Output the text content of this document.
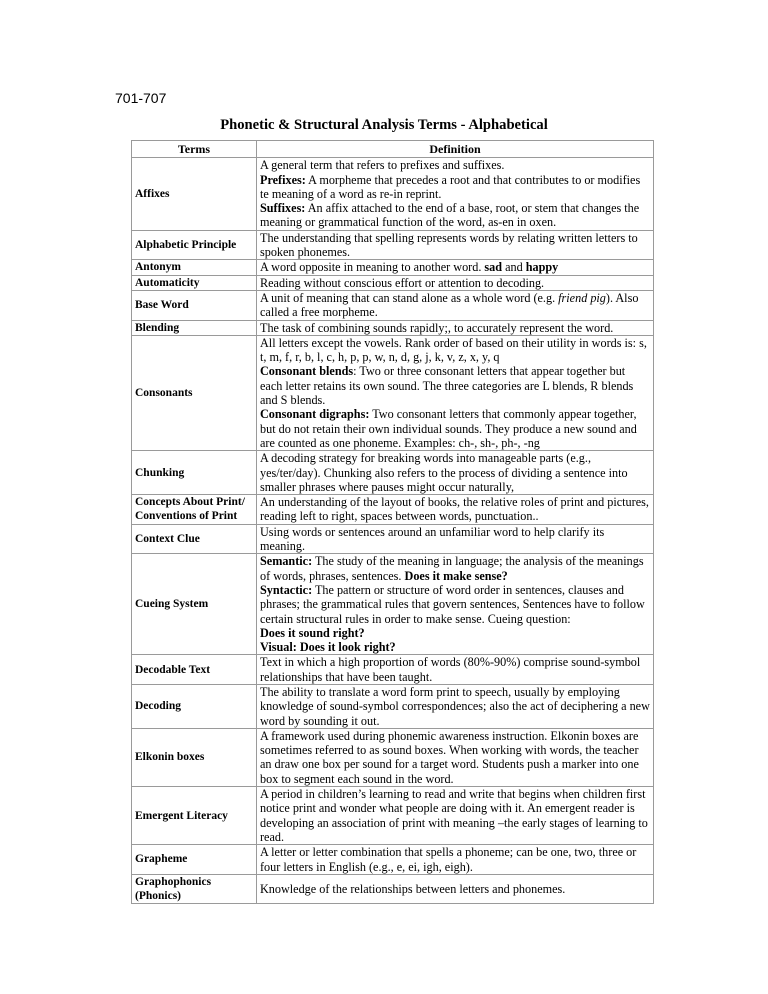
701-707
Phonetic & Structural Analysis Terms - Alphabetical
Terms	Definition
Affixes	A general term that refers to prefixes and suffixes.
Prefixes: A morpheme that precedes a root and that contributes to or modifies te meaning of a word as re-in reprint.
Suffixes: An affix attached to the end of a base, root, or stem that changes the meaning or grammatical function of the word, as-en in oxen.
Alphabetic Principle	The understanding that spelling represents words by relating written letters to spoken phonemes.
Antonym	A word opposite in meaning to another word. sad and happy
Automaticity	Reading without conscious effort or attention to decoding.
Base Word	A unit of meaning that can stand alone as a whole word (e.g. friend pig). Also called a free morpheme.
Blending	The task of combining sounds rapidly;, to accurately represent the word.
Consonants	All letters except the vowels. Rank order of based on their utility in words is: s, t, m, f, r, b, l, c, h, p, p, w, n, d, g, j, k, v, z, x, y, q
Consonant blends: Two or three consonant letters that appear together but each letter retains its own sound. The three categories are L blends, R blends and S blends.
Consonant digraphs: Two consonant letters that commonly appear together, but do not retain their own individual sounds. They produce a new sound and are counted as one phoneme. Examples: ch-, sh-, ph-, -ng
Chunking	A decoding strategy for breaking words into manageable parts (e.g., yes/ter/day). Chunking also refers to the process of dividing a sentence into smaller phrases where pauses might occur naturally,
Concepts About Print/
Conventions of Print	An understanding of the layout of books, the relative roles of print and pictures, reading left to right, spaces between words, punctuation..
Context Clue	Using words or sentences around an unfamiliar word to help clarify its meaning.
Cueing System	Semantic: The study of the meaning in language; the analysis of the meanings of words, phrases, sentences. Does it make sense?
Syntactic: The pattern or structure of word order in sentences, clauses and phrases; the grammatical rules that govern sentences, Sentences have to follow certain structural rules in order to make sense. Cueing question:
Does it sound right?
Visual: Does it look right?
Decodable Text	Text in which a high proportion of words (80%-90%) comprise sound-symbol relationships that have been taught.
Decoding	The ability to translate a word form print to speech, usually by employing knowledge of sound-symbol correspondences; also the act of deciphering a new word by sounding it out.
Elkonin boxes	A framework used during phonemic awareness instruction. Elkonin boxes are sometimes referred to as sound boxes. When working with words, the teacher an draw one box per sound for a target word. Students push a marker into one box to segment each sound in the word.
Emergent Literacy	A period in children’s learning to read and write that begins when children first notice print and wonder what people are doing with it. An emergent reader is developing an association of print with meaning –the early stages of learning to read.
Grapheme	A letter or letter combination that spells a phoneme; can be one, two, three or four letters in English (e.g., e, ei, igh, eigh).
Graphophonics (Phonics)	Knowledge of the relationships between letters and phonemes.
